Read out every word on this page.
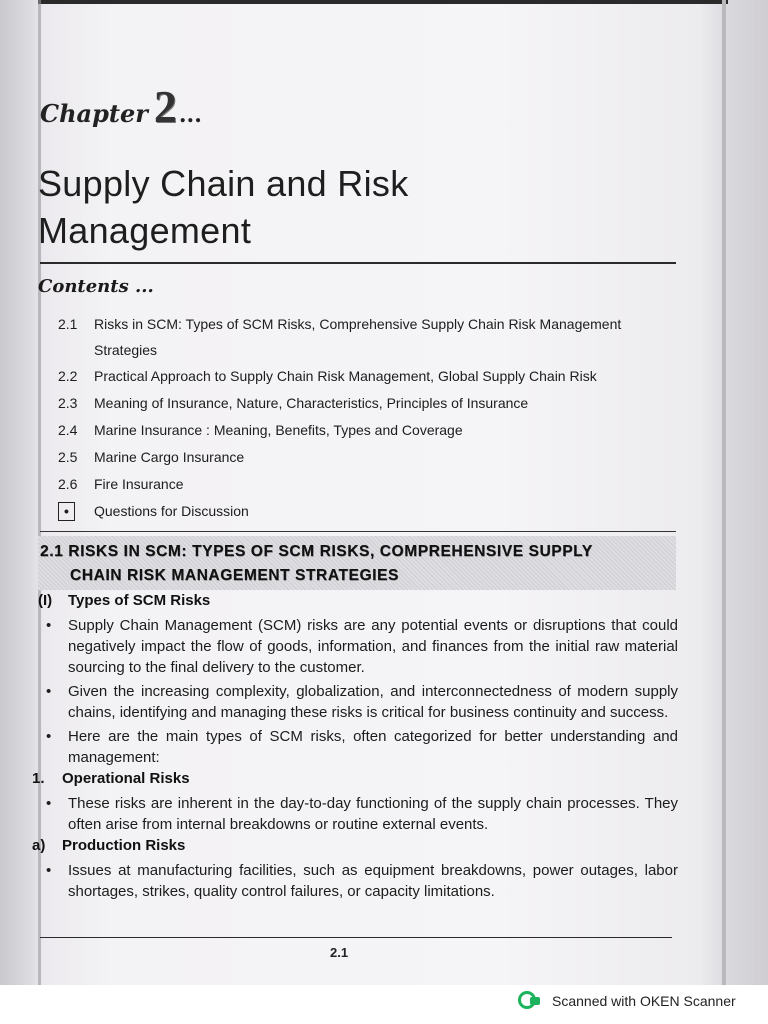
Chapter 2...
Supply Chain and Risk
Management
Contents ...
2.1	Risks in SCM: Types of SCM Risks, Comprehensive Supply Chain Risk Management Strategies
2.2	Practical Approach to Supply Chain Risk Management, Global Supply Chain Risk
2.3	Meaning of Insurance, Nature, Characteristics, Principles of Insurance
2.4	Marine Insurance : Meaning, Benefits, Types and Coverage
2.5	Marine Cargo Insurance
2.6	Fire Insurance
•	Questions for Discussion
2.1 RISKS IN SCM: TYPES OF SCM RISKS, COMPREHENSIVE SUPPLY
CHAIN RISK MANAGEMENT STRATEGIES
(I)	Types of SCM Risks
•	Supply Chain Management (SCM) risks are any potential events or disruptions that could negatively impact the flow of goods, information, and finances from the initial raw material sourcing to the final delivery to the customer.
•	Given the increasing complexity, globalization, and interconnectedness of modern supply chains, identifying and managing these risks is critical for business continuity and success.
•	Here are the main types of SCM risks, often categorized for better understanding and management:
1.	Operational Risks
•	These risks are inherent in the day-to-day functioning of the supply chain processes. They often arise from internal breakdowns or routine external events.
a)	Production Risks
•	Issues at manufacturing facilities, such as equipment breakdowns, power outages, labor shortages, strikes, quality control failures, or capacity limitations.
2.1
Scanned with OKEN Scanner
